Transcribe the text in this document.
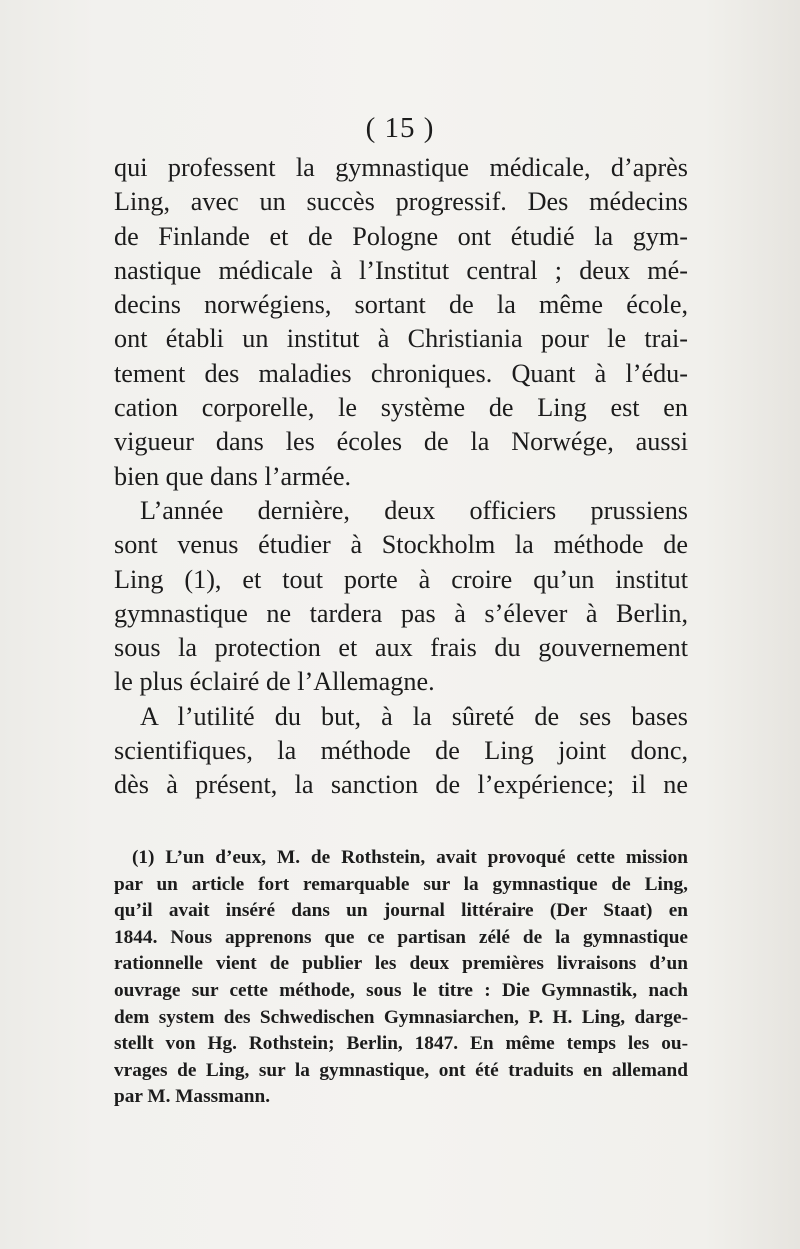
( 15 )
qui professent la gymnastique médicale, d’après
Ling, avec un succès progressif. Des médecins
de Finlande et de Pologne ont étudié la gym-
nastique médicale à l’Institut central ; deux mé-
decins norwégiens, sortant de la même école,
ont établi un institut à Christiania pour le trai-
tement des maladies chroniques. Quant à l’édu-
cation corporelle, le système de Ling est en
vigueur dans les écoles de la Norwége, aussi
bien que dans l’armée.
L’année dernière, deux officiers prussiens
sont venus étudier à Stockholm la méthode de
Ling (1), et tout porte à croire qu’un institut
gymnastique ne tardera pas à s’élever à Berlin,
sous la protection et aux frais du gouvernement
le plus éclairé de l’Allemagne.
A l’utilité du but, à la sûreté de ses bases
scientifiques, la méthode de Ling joint donc,
dès à présent, la sanction de l’expérience; il ne
(1) L’un d’eux, M. de Rothstein, avait provoqué cette mission
par un article fort remarquable sur la gymnastique de Ling,
qu’il avait inséré dans un journal littéraire (Der Staat) en
1844. Nous apprenons que ce partisan zélé de la gymnastique
rationnelle vient de publier les deux premières livraisons d’un
ouvrage sur cette méthode, sous le titre : Die Gymnastik, nach
dem system des Schwedischen Gymnasiarchen, P. H. Ling, darge-
stellt von Hg. Rothstein; Berlin, 1847. En même temps les ou-
vrages de Ling, sur la gymnastique, ont été traduits en allemand
par M. Massmann.
